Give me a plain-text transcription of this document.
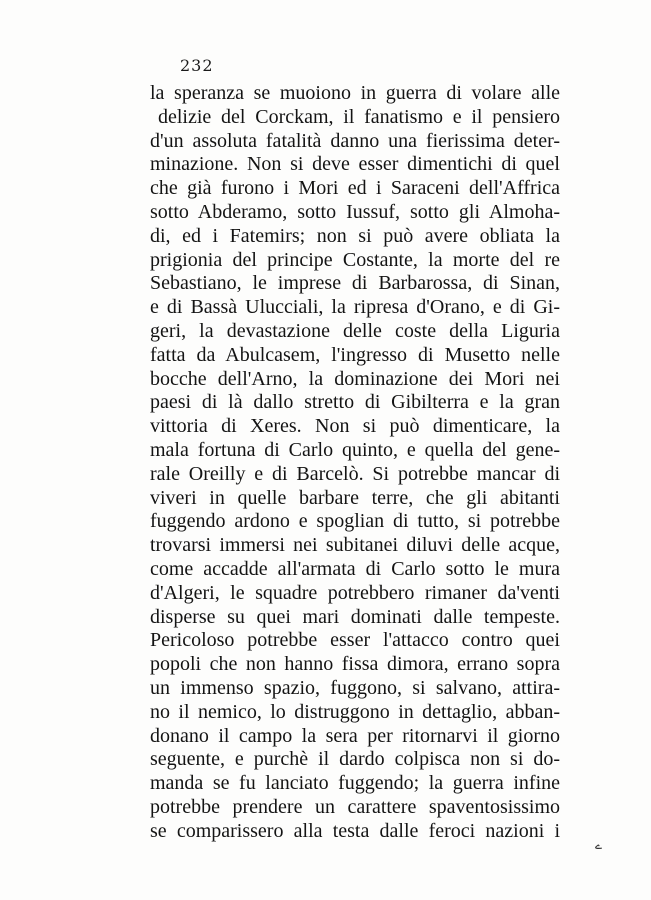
232
la speranza se muoiono in guerra di volare alle
delizie del Corckam, il fanatismo e il pensiero
d'un assoluta fatalità danno una fierissima deter-
minazione. Non si deve esser dimentichi di quel
che già furono i Mori ed i Saraceni dell'Affrica
sotto Abderamo, sotto Iussuf, sotto gli Almoha-
di, ed i Fatemirs; non si può avere obliata la
prigionia del principe Costante, la morte del re
Sebastiano, le imprese di Barbarossa, di Sinan,
e di Bassà Ulucciali, la ripresa d'Orano, e di Gi-
geri, la devastazione delle coste della Liguria
fatta da Abulcasem, l'ingresso di Musetto nelle
bocche dell'Arno, la dominazione dei Mori nei
paesi di là dallo stretto di Gibilterra e la gran
vittoria di Xeres. Non si può dimenticare, la
mala fortuna di Carlo quinto, e quella del gene-
rale Oreilly e di Barcelò. Si potrebbe mancar di
viveri in quelle barbare terre, che gli abitanti
fuggendo ardono e spoglian di tutto, si potrebbe
trovarsi immersi nei subitanei diluvi delle acque,
come accadde all'armata di Carlo sotto le mura
d'Algeri, le squadre potrebbero rimaner da'venti
disperse su quei mari dominati dalle tempeste.
Pericoloso potrebbe esser l'attacco contro quei
popoli che non hanno fissa dimora, errano sopra
un immenso spazio, fuggono, si salvano, attira-
no il nemico, lo distruggono in dettaglio, abban-
donano il campo la sera per ritornarvi il giorno
seguente, e purchè il dardo colpisca non si do-
manda se fu lanciato fuggendo; la guerra infine
potrebbe prendere un carattere spaventosissimo
se comparissero alla testa dalle feroci nazioni i
ے
